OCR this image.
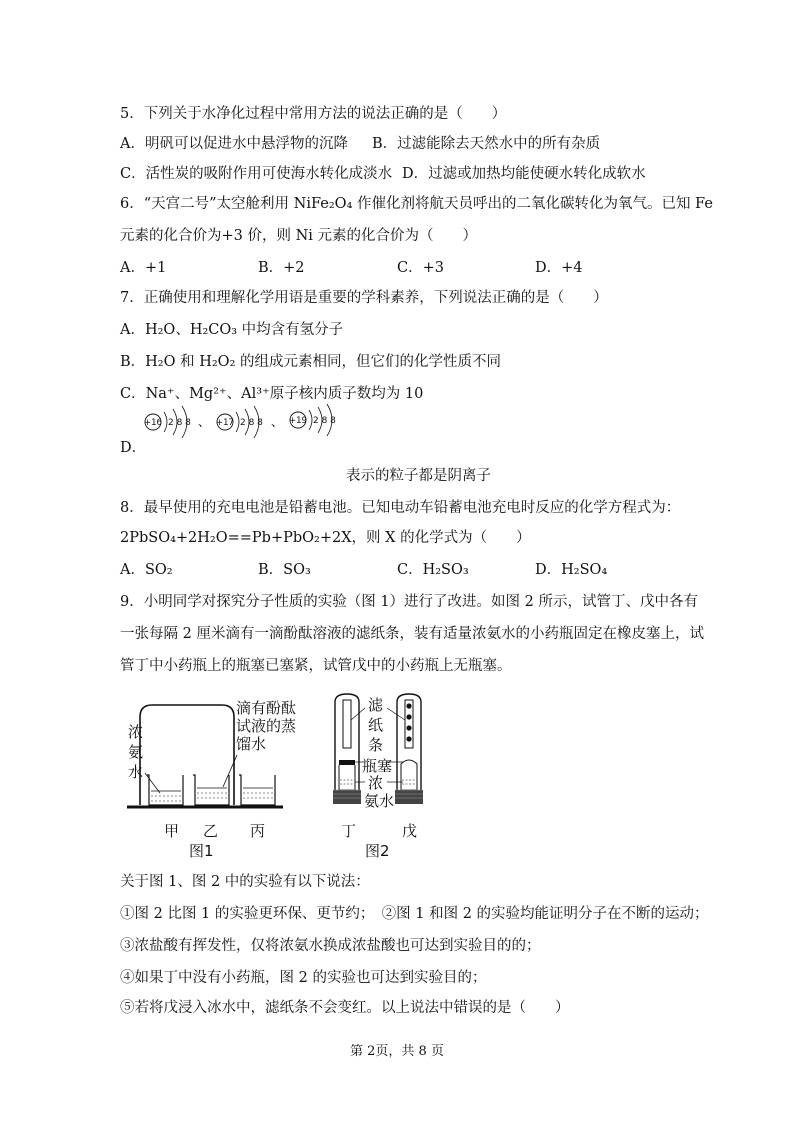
5．下列关于水净化过程中常用方法的说法正确的是（　　）
A．明矾可以促进水中悬浮物的沉降 B．过滤能除去天然水中的所有杂质
C．活性炭的吸附作用可使海水转化成淡水 D．过滤或加热均能使硬水转化成软水
6．“天宫二号”太空舱利用 NiFe₂O₄ 作催化剂将航天员呼出的二氧化碳转化为氧气。已知 Fe
元素的化合价为+3 价，则 Ni 元素的化合价为（　　）
A．+1	B．+2	C．+3	D．+4
7．正确使用和理解化学用语是重要的学科素养，下列说法正确的是（　　）
A．H₂O、H₂CO₃ 中均含有氢分子
B．H₂O 和 H₂O₂ 的组成元素相同，但它们的化学性质不同
C．Na⁺、Mg²⁺、Al³⁺原子核内质子数均为 10
D．
+16 2 8 8 、 +17 2 8 8 、 +19 2 8 8
表示的粒子都是阴离子
8．最早使用的充电电池是铅蓄电池。已知电动车铅蓄电池充电时反应的化学方程式为：
2PbSO₄+2H₂O==Pb+PbO₂+2X，则 X 的化学式为（　　）
A．SO₂	B．SO₃	C．H₂SO₃	D．H₂SO₄
9．小明同学对探究分子性质的实验（图 1）进行了改进。如图 2 所示，试管丁、戊中各有
一张每隔 2 厘米滴有一滴酚酞溶液的滤纸条，装有适量浓氨水的小药瓶固定在橡皮塞上，试
管丁中小药瓶上的瓶塞已塞紧，试管戊中的小药瓶上无瓶塞。
浓
氨
水
滴有酚酞
试液的蒸
馏水
甲 乙 丙
图1
滤
纸
条
瓶塞
浓
氨水
丁	戊
图2
关于图 1、图 2 中的实验有以下说法：
①图 2 比图 1 的实验更环保、更节约；　②图 1 和图 2 的实验均能证明分子在不断的运动；
③浓盐酸有挥发性，仅将浓氨水换成浓盐酸也可达到实验目的的；
④如果丁中没有小药瓶，图 2 的实验也可达到实验目的；
⑤若将戊浸入冰水中，滤纸条不会变红。以上说法中错误的是（　　）
第 2页，共 8 页
